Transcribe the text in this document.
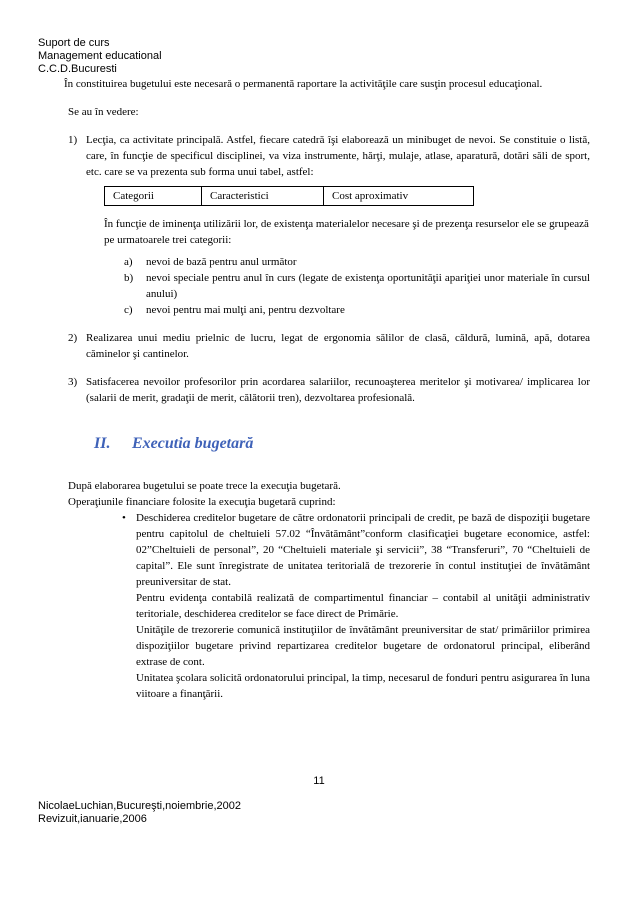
Suport de curs
Management educational
C.C.D.Bucuresti

În constituirea bugetului este necesară o permanentă raportare la activităţile care susţin procesul educaţional.

Se au în vedere:

1) Lecţia, ca activitate principală. Astfel, fiecare catedră îşi elaborează un minibuget de nevoi. Se constituie o listă, care, în funcţie de specificul disciplinei, va viza instrumente, hărţi, mulaje, atlase, aparatură, dotări săli de sport, etc. care se va prezenta sub forma unui tabel, astfel:

Categorii	Caracteristici	Cost aproximativ

În funcţie de iminenţa utilizării lor, de existenţa materialelor necesare şi de prezenţa resurselor ele se grupează pe urmatoarele trei categorii:

a)	nevoi de bază pentru anul următor
b)	nevoi speciale pentru anul în curs (legate de existenţa oportunităţii apariţiei unor materiale în cursul anului)
c)	nevoi pentru mai mulţi ani, pentru dezvoltare
2) Realizarea unui mediu prielnic de lucru, legat de ergonomia sălilor de clasă, căldură, lumină, apă, dotarea căminelor şi cantinelor.

3) Satisfacerea nevoilor profesorilor prin acordarea salariilor, recunoaşterea meritelor şi motivarea/ implicarea lor (salarii de merit, gradaţii de merit, călătorii tren), dezvoltarea profesională.

II.	Executia bugetară

După elaborarea bugetului se poate trece la execuţia bugetară.

Operaţiunile financiare folosite la execuţia bugetară cuprind:

• Deschiderea creditelor bugetare de către ordonatorii principali de credit, pe bază de dispoziţii bugetare pentru capitolul de cheltuieli 57.02 “Învătământ”conform clasificaţiei bugetare economice, astfel: 02”Cheltuieli de personal”, 20 “Cheltuieli materiale şi servicii”, 38 “Transferuri”, 70 “Cheltuieli de capital”. Ele sunt înregistrate de unitatea teritorială de trezorerie în contul instituţiei de învătământ preuniversitar de stat.

Pentru evidenţa contabilă realizată de compartimentul financiar – contabil al unităţii administrativ teritoriale, deschiderea creditelor se face direct de Primărie.

Unităţile de trezorerie comunică instituţiilor de învătământ preuniversitar de stat/ primăriilor primirea dispoziţiilor bugetare privind repartizarea creditelor bugetare de ordonatorul principal, eliberând extrase de cont.

Unitatea şcolara solicită ordonatorului principal, la timp, necesarul de fonduri pentru asigurarea în luna viitoare a finanţării.

11
NicolaeLuchian,Bucureşti,noiembrie,2002
Revizuit,ianuarie,2006
